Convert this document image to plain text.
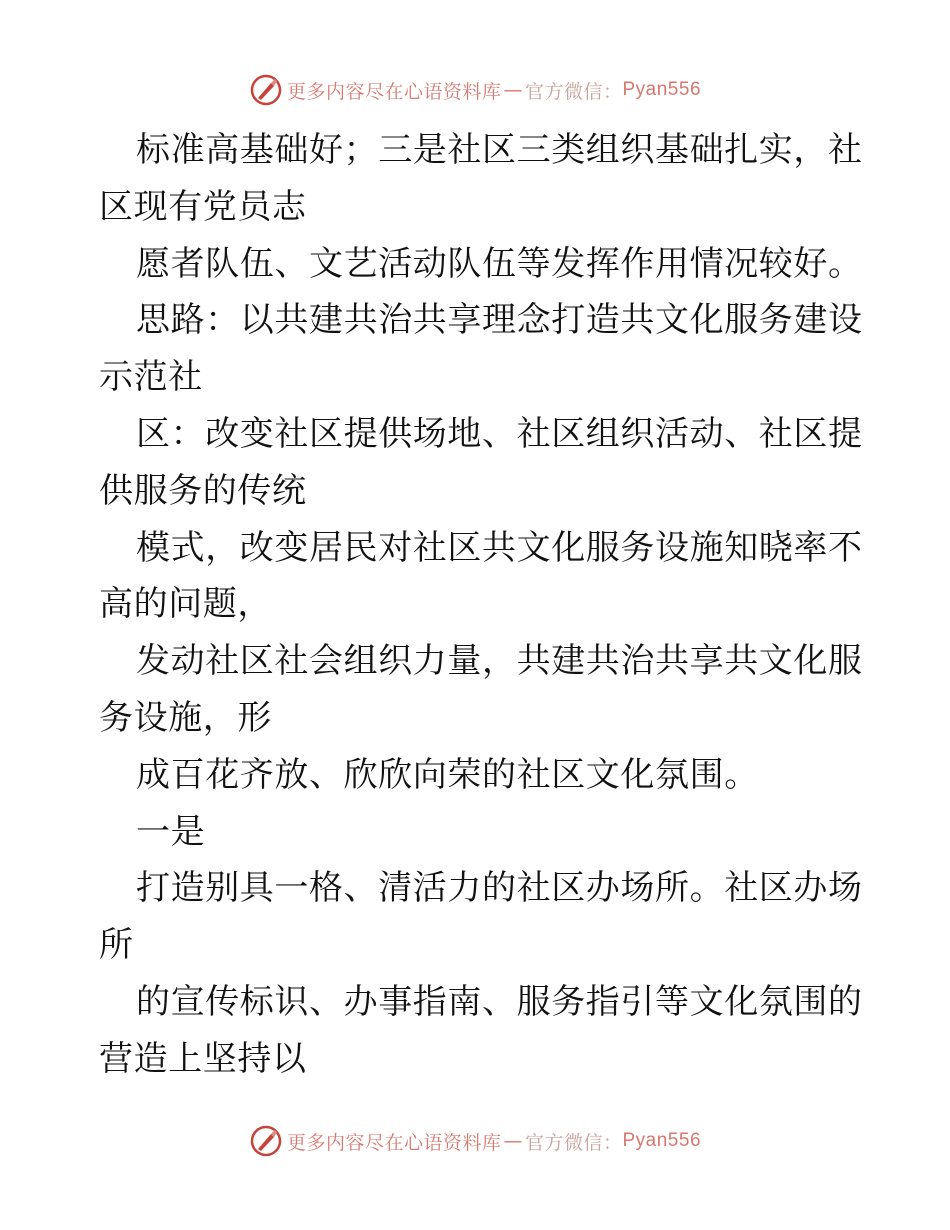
更多内容尽在心语资料库 — 官方微信： Pyan556
标准高基础好；三是社区三类组织基础扎实，社
区现有党员志
愿者队伍、文艺活动队伍等发挥作用情况较好。
思路：以共建共治共享理念打造共文化服务建设
示范社
区：改变社区提供场地、社区组织活动、社区提
供服务的传统
模式，改变居民对社区共文化服务设施知晓率不
高的问题，
发动社区社会组织力量，共建共治共享共文化服
务设施，形
成百花齐放、欣欣向荣的社区文化氛围。
一是
打造别具一格、清活力的社区办场所。社区办场
所
的宣传标识、办事指南、服务指引等文化氛围的
营造上坚持以
更多内容尽在心语资料库 — 官方微信： Pyan556
